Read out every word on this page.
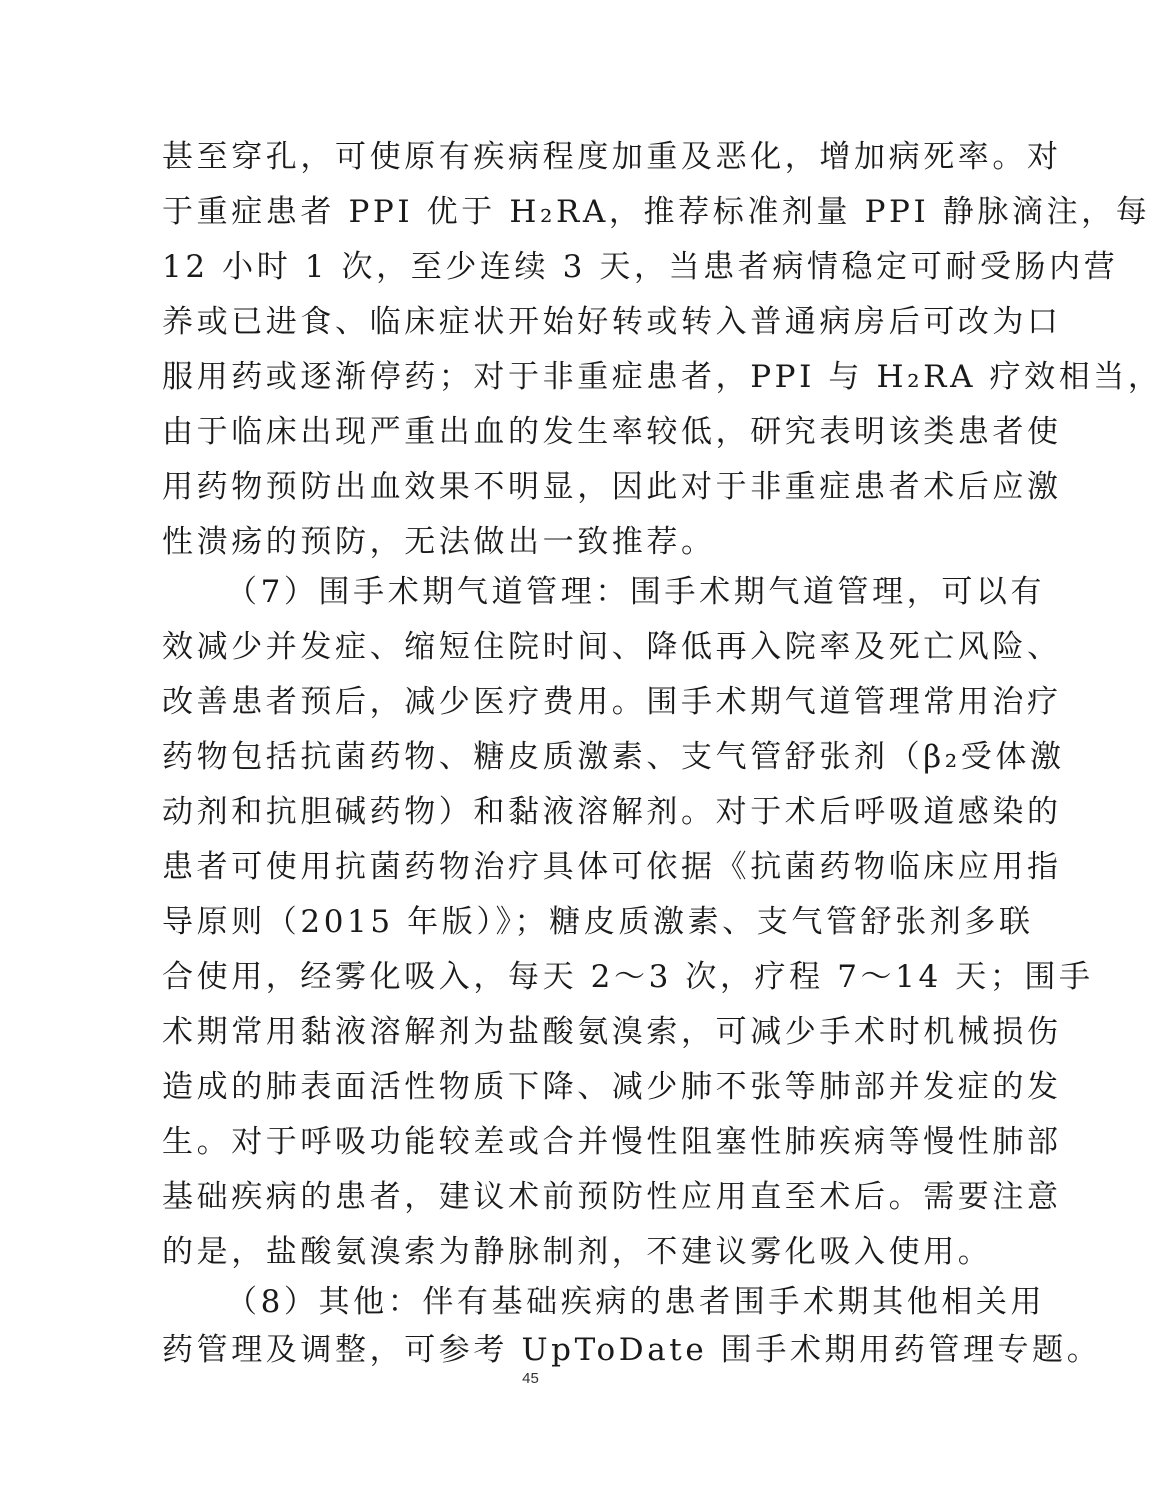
甚至穿孔，可使原有疾病程度加重及恶化，增加病死率。对
于重症患者 PPI 优于 H₂RA，推荐标准剂量 PPI 静脉滴注，每
12 小时 1 次，至少连续 3 天，当患者病情稳定可耐受肠内营
养或已进食、临床症状开始好转或转入普通病房后可改为口
服用药或逐渐停药；对于非重症患者，PPI 与 H₂RA 疗效相当，
由于临床出现严重出血的发生率较低，研究表明该类患者使
用药物预防出血效果不明显，因此对于非重症患者术后应激
性溃疡的预防，无法做出一致推荐。
（7）围手术期气道管理：围手术期气道管理，可以有
效减少并发症、缩短住院时间、降低再入院率及死亡风险、
改善患者预后，减少医疗费用。围手术期气道管理常用治疗
药物包括抗菌药物、糖皮质激素、支气管舒张剂（β₂受体激
动剂和抗胆碱药物）和黏液溶解剂。对于术后呼吸道感染的
患者可使用抗菌药物治疗具体可依据《抗菌药物临床应用指
导原则（2015 年版）》；糖皮质激素、支气管舒张剂多联
合使用，经雾化吸入，每天 2～3 次，疗程 7～14 天；围手
术期常用黏液溶解剂为盐酸氨溴索，可减少手术时机械损伤
造成的肺表面活性物质下降、减少肺不张等肺部并发症的发
生。对于呼吸功能较差或合并慢性阻塞性肺疾病等慢性肺部
基础疾病的患者，建议术前预防性应用直至术后。需要注意
的是，盐酸氨溴索为静脉制剂，不建议雾化吸入使用。
（8）其他：伴有基础疾病的患者围手术期其他相关用
药管理及调整，可参考 UpToDate 围手术期用药管理专题。
45
